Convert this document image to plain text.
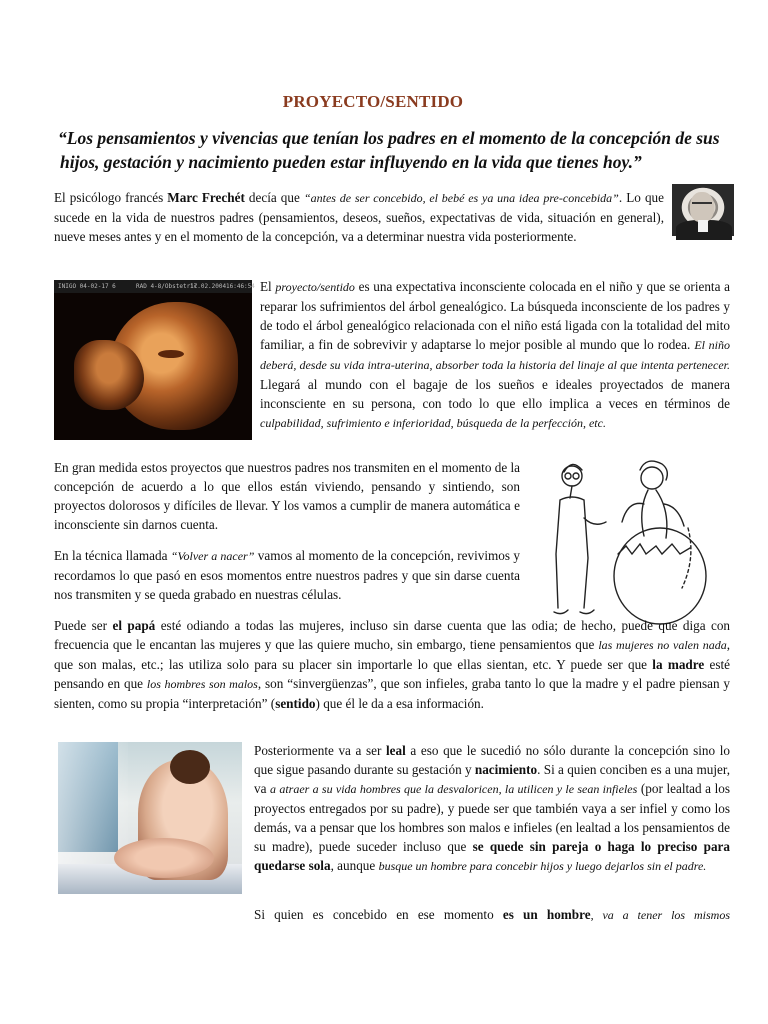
PROYECTO/SENTIDO
“Los pensamientos y vivencias que tenían los padres en el momento de la concepción de sus hijos, gestación y nacimiento pueden estar influyendo en la vida que tienes hoy.”
El psicólogo francés Marc Frechét decía que “antes de ser concebido, el bebé es ya una idea pre-concebida”. Lo que sucede en la vida de nuestros padres (pensamientos, deseos, sueños, expectativas de vida, situación en general), nueve meses antes y en el momento de la concepción, va a determinar nuestra vida posteriormente.
INIGO 04-02-17 6	RAD 4-8/Obstetric
17.02.2004 16:46:54 El proyecto/sentido es una expectativa inconsciente colocada en el niño y que se orienta a reparar los sufrimientos del árbol genealógico. La búsqueda inconsciente de los padres y de todo el árbol genealógico relacionada con el niño está ligada con la totalidad del mito familiar, a fin de sobrevivir y adaptarse lo mejor posible al mundo que lo rodea. El niño deberá, desde su vida intra-uterina, absorber toda la historia del linaje al que intenta pertenecer. Llegará al mundo con el bagaje de los sueños e ideales proyectados de manera inconsciente en su persona, con todo lo que ello implica a veces en términos de culpabilidad, sufrimiento e inferioridad, búsqueda de la perfección, etc.
En gran medida estos proyectos que nuestros padres nos transmiten en el momento de la concepción de acuerdo a lo que ellos están viviendo, pensando y sintiendo, son proyectos dolorosos y difíciles de llevar. Y los vamos a cumplir de manera automática e inconsciente sin darnos cuenta.
En la técnica llamada “Volver a nacer” vamos al momento de la concepción, revivimos y recordamos lo que pasó en esos momentos entre nuestros padres y que sin darse cuenta nos transmiten y se queda grabado en nuestras células.
Puede ser el papá esté odiando a todas las mujeres, incluso sin darse cuenta que las odia; de hecho, puede que diga con frecuencia que le encantan las mujeres y que las quiere mucho, sin embargo, tiene pensamientos que las mujeres no valen nada, que son malas, etc.; las utiliza solo para su placer sin importarle lo que ellas sientan, etc. Y puede ser que la madre esté pensando en que los hombres son malos, son “sinvergüenzas”, que son infieles, graba tanto lo que la madre y el padre piensan y sienten, como su propia “interpretación” (sentido) que él le da a esa información.
Posteriormente va a ser leal a eso que le sucedió no sólo durante la concepción sino lo que sigue pasando durante su gestación y nacimiento. Si a quien conciben es a una mujer, va a atraer a su vida hombres que la desvaloricen, la utilicen y le sean infieles (por lealtad a los proyectos entregados por su padre), y puede ser que también vaya a ser infiel y como los demás, va a pensar que los hombres son malos e infieles (en lealtad a los pensamientos de su madre), puede suceder incluso que se quede sin pareja o haga lo preciso para quedarse sola, aunque busque un hombre para concebir hijos y luego dejarlos sin el padre.
Si quien es concebido en ese momento es un hombre, va a tener los mismos
